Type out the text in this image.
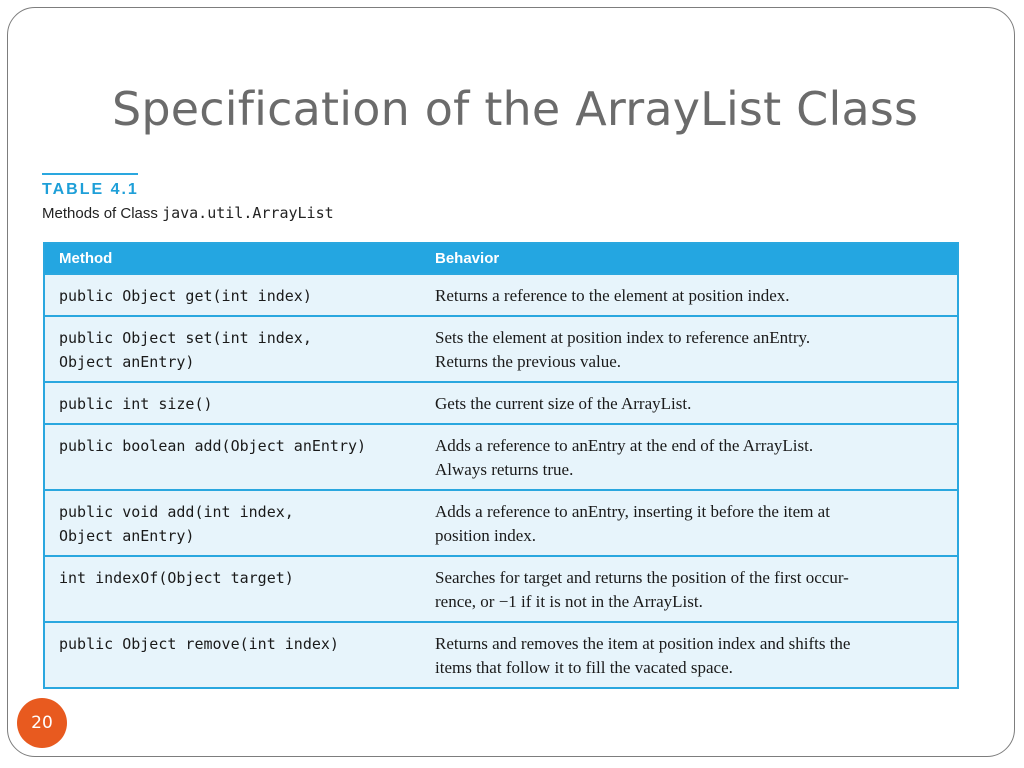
Specification of the ArrayList Class
TABLE 4.1
Methods of Class java.util.ArrayList
Method	Behavior
public Object get(int index)	Returns a reference to the element at position index.
public Object set(int index,
Object anEntry)	Sets the element at position index to reference anEntry.
Returns the previous value.
public int size()	Gets the current size of the ArrayList.
public boolean add(Object anEntry)	Adds a reference to anEntry at the end of the ArrayList.
Always returns true.
public void add(int index,
Object anEntry)	Adds a reference to anEntry, inserting it before the item at
position index.
int indexOf(Object target)	Searches for target and returns the position of the first occur-
rence, or −1 if it is not in the ArrayList.
public Object remove(int index)	Returns and removes the item at position index and shifts the
items that follow it to fill the vacated space.
20
